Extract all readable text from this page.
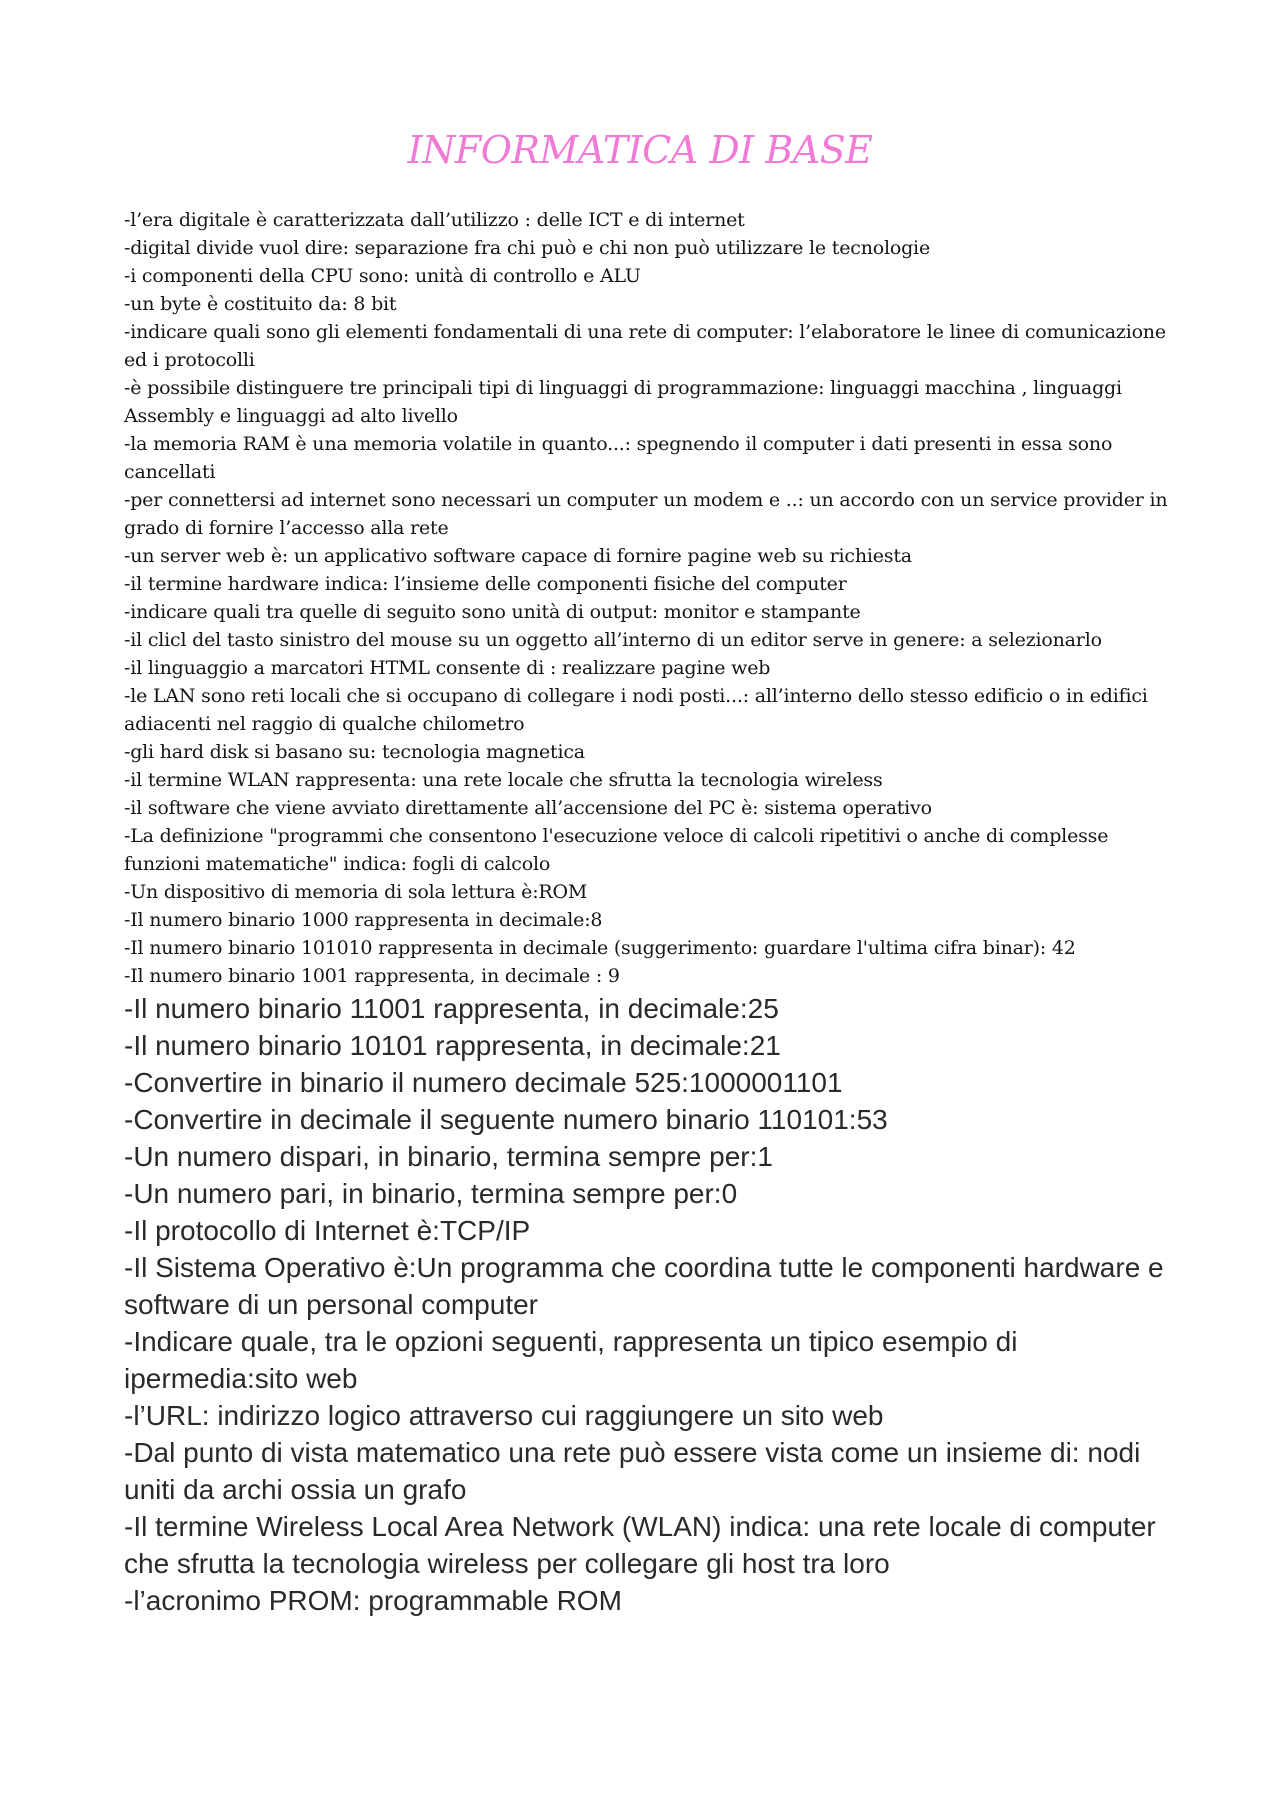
INFORMATICA DI BASE
-l’era digitale è caratterizzata dall’utilizzo : delle ICT e di internet
-digital divide vuol dire: separazione fra chi può e chi non può utilizzare le tecnologie
-i componenti della CPU sono: unità di controllo e ALU
-un byte è costituito da: 8 bit
-indicare quali sono gli elementi fondamentali di una rete di computer: l’elaboratore le linee di comunicazione ed i protocolli
-è possibile distinguere tre principali tipi di linguaggi di programmazione: linguaggi macchina , linguaggi Assembly e linguaggi ad alto livello
-la memoria RAM è una memoria volatile in quanto...: spegnendo il computer i dati presenti in essa sono cancellati
-per connettersi ad internet sono necessari un computer un modem e ..: un accordo con un service provider in grado di fornire l’accesso alla rete
-un server web è: un applicativo software capace di fornire pagine web su richiesta
-il termine hardware indica: l’insieme delle componenti fisiche del computer
-indicare quali tra quelle di seguito sono unità di output: monitor e stampante
-il clicl del tasto sinistro del mouse su un oggetto all’interno di un editor serve in genere: a selezionarlo
-il linguaggio a marcatori HTML consente di : realizzare pagine web
-le LAN sono reti locali che si occupano di collegare i nodi posti...: all’interno dello stesso edificio o in edifici adiacenti nel raggio di qualche chilometro
-gli hard disk si basano su: tecnologia magnetica
-il termine WLAN rappresenta: una rete locale che sfrutta la tecnologia wireless
-il software che viene avviato direttamente all’accensione del PC è: sistema operativo
-La definizione "programmi che consentono l'esecuzione veloce di calcoli ripetitivi o anche di complesse funzioni matematiche" indica: fogli di calcolo
-Un dispositivo di memoria di sola lettura è:ROM
-Il numero binario 1000 rappresenta in decimale:8
-Il numero binario 101010 rappresenta in decimale (suggerimento: guardare l'ultima cifra binar): 42
-Il numero binario 1001 rappresenta, in decimale : 9
-Il numero binario 11001 rappresenta, in decimale:25
-Il numero binario 10101 rappresenta, in decimale:21
-Convertire in binario il numero decimale 525:1000001101
-Convertire in decimale il seguente numero binario 110101:53
-Un numero dispari, in binario, termina sempre per:1
-Un numero pari, in binario, termina sempre per:0
-Il protocollo di Internet è:TCP/IP
-Il Sistema Operativo è:Un programma che coordina tutte le componenti hardware e software di un personal computer
-Indicare quale, tra le opzioni seguenti, rappresenta un tipico esempio di ipermedia:sito web
-l’URL: indirizzo logico attraverso cui raggiungere un sito web
-Dal punto di vista matematico una rete può essere vista come un insieme di: nodi uniti da archi ossia un grafo
-Il termine Wireless Local Area Network (WLAN) indica: una rete locale di computer che sfrutta la tecnologia wireless per collegare gli host tra loro
-l’acronimo PROM: programmable ROM
